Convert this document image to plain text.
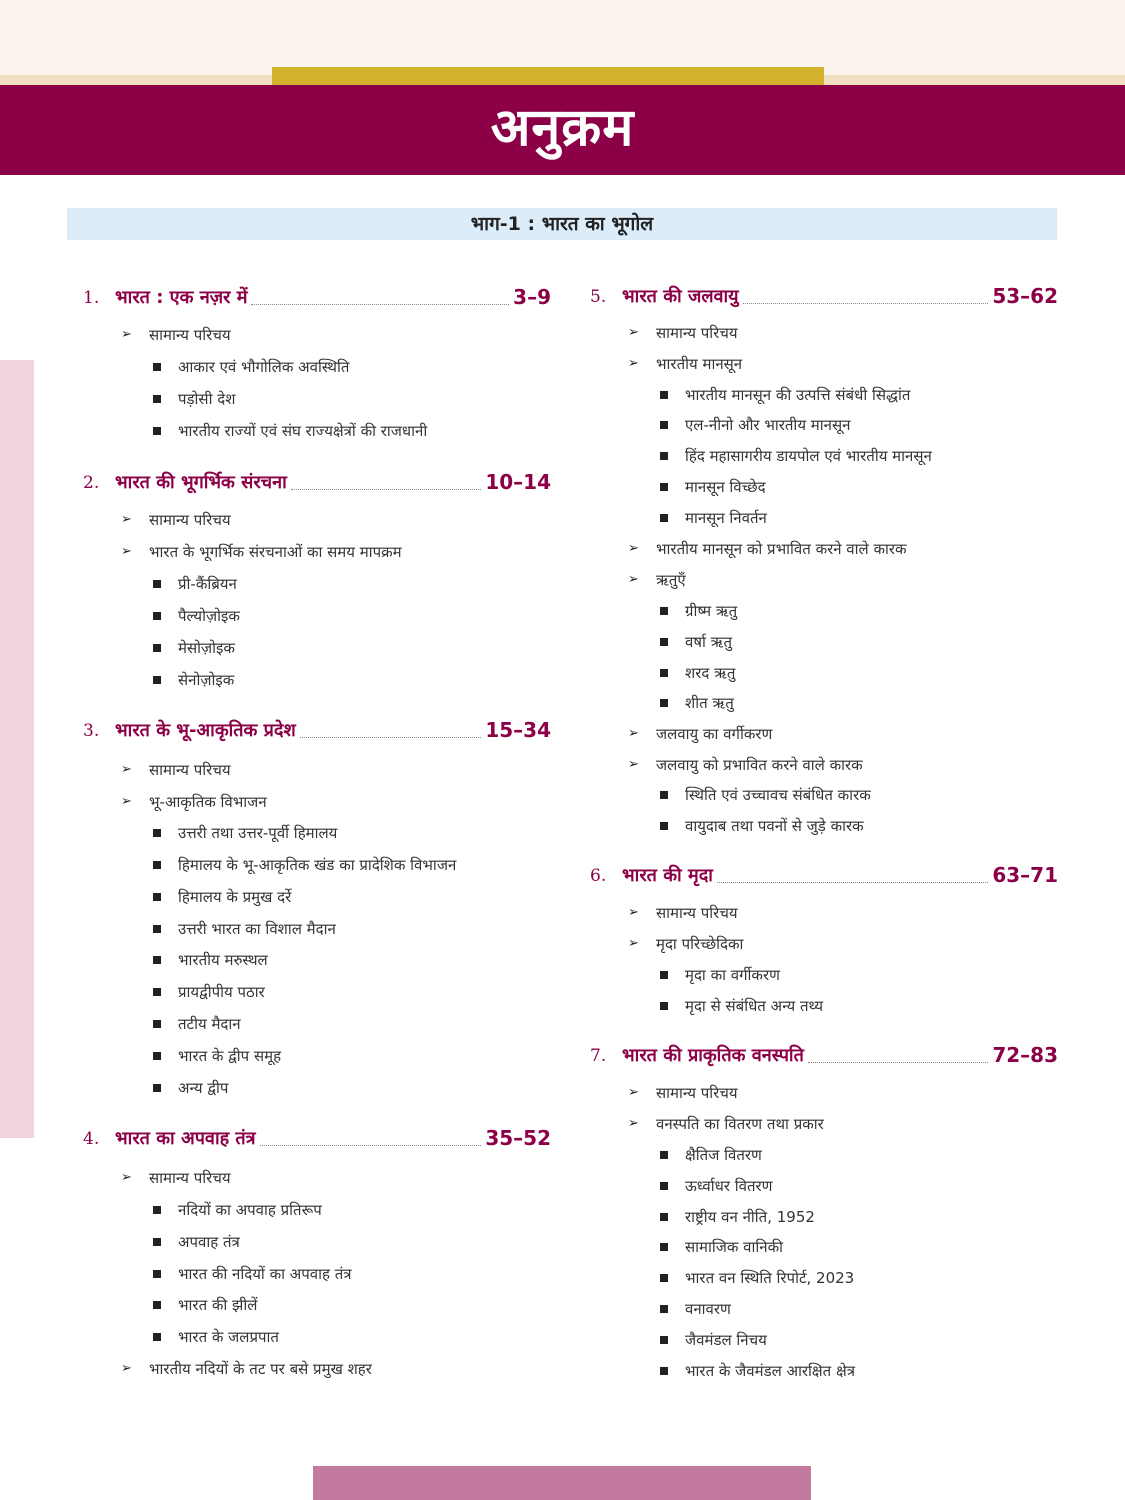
अनुक्रम
भाग-1 : भारत का भूगोल
1. भारत : एक नज़र में	3–9
➢ सामान्य परिचय
आकार एवं भौगोलिक अवस्थिति
पड़ोसी देश
भारतीय राज्यों एवं संघ राज्यक्षेत्रों की राजधानी
2. भारत की भूगर्भिक संरचना	10–14
➢ सामान्य परिचय
➢ भारत के भूगर्भिक संरचनाओं का समय मापक्रम
प्री-कैंब्रियन
पैल्योज़ोइक
मेसोज़ोइक
सेनोज़ोइक
3. भारत के भू-आकृतिक प्रदेश	15–34
➢ सामान्य परिचय
➢ भू-आकृतिक विभाजन
उत्तरी तथा उत्तर-पूर्वी हिमालय
हिमालय के भू-आकृतिक खंड का प्रादेशिक विभाजन
हिमालय के प्रमुख दर्रे
उत्तरी भारत का विशाल मैदान
भारतीय मरुस्थल
प्रायद्वीपीय पठार
तटीय मैदान
भारत के द्वीप समूह
अन्य द्वीप
4. भारत का अपवाह तंत्र	35–52
➢ सामान्य परिचय
नदियों का अपवाह प्रतिरूप
अपवाह तंत्र
भारत की नदियों का अपवाह तंत्र
भारत की झीलें
भारत के जलप्रपात
➢ भारतीय नदियों के तट पर बसे प्रमुख शहर
5. भारत की जलवायु	53–62
➢ सामान्य परिचय
➢ भारतीय मानसून
भारतीय मानसून की उत्पत्ति संबंधी सिद्धांत
एल-नीनो और भारतीय मानसून
हिंद महासागरीय डायपोल एवं भारतीय मानसून
मानसून विच्छेद
मानसून निवर्तन
➢ भारतीय मानसून को प्रभावित करने वाले कारक
➢ ऋतुएँ
ग्रीष्म ऋतु
वर्षा ऋतु
शरद ऋतु
शीत ऋतु
➢ जलवायु का वर्गीकरण
➢ जलवायु को प्रभावित करने वाले कारक
स्थिति एवं उच्चावच संबंधित कारक
वायुदाब तथा पवनों से जुड़े कारक
6. भारत की मृदा	63–71
➢ सामान्य परिचय
➢ मृदा परिच्छेदिका
मृदा का वर्गीकरण
मृदा से संबंधित अन्य तथ्य
7. भारत की प्राकृतिक वनस्पति	72–83
➢ सामान्य परिचय
➢ वनस्पति का वितरण तथा प्रकार
क्षैतिज वितरण
ऊर्ध्वाधर वितरण
राष्ट्रीय वन नीति, 1952
सामाजिक वानिकी
भारत वन स्थिति रिपोर्ट, 2023
वनावरण
जैवमंडल निचय
भारत के जैवमंडल आरक्षित क्षेत्र
